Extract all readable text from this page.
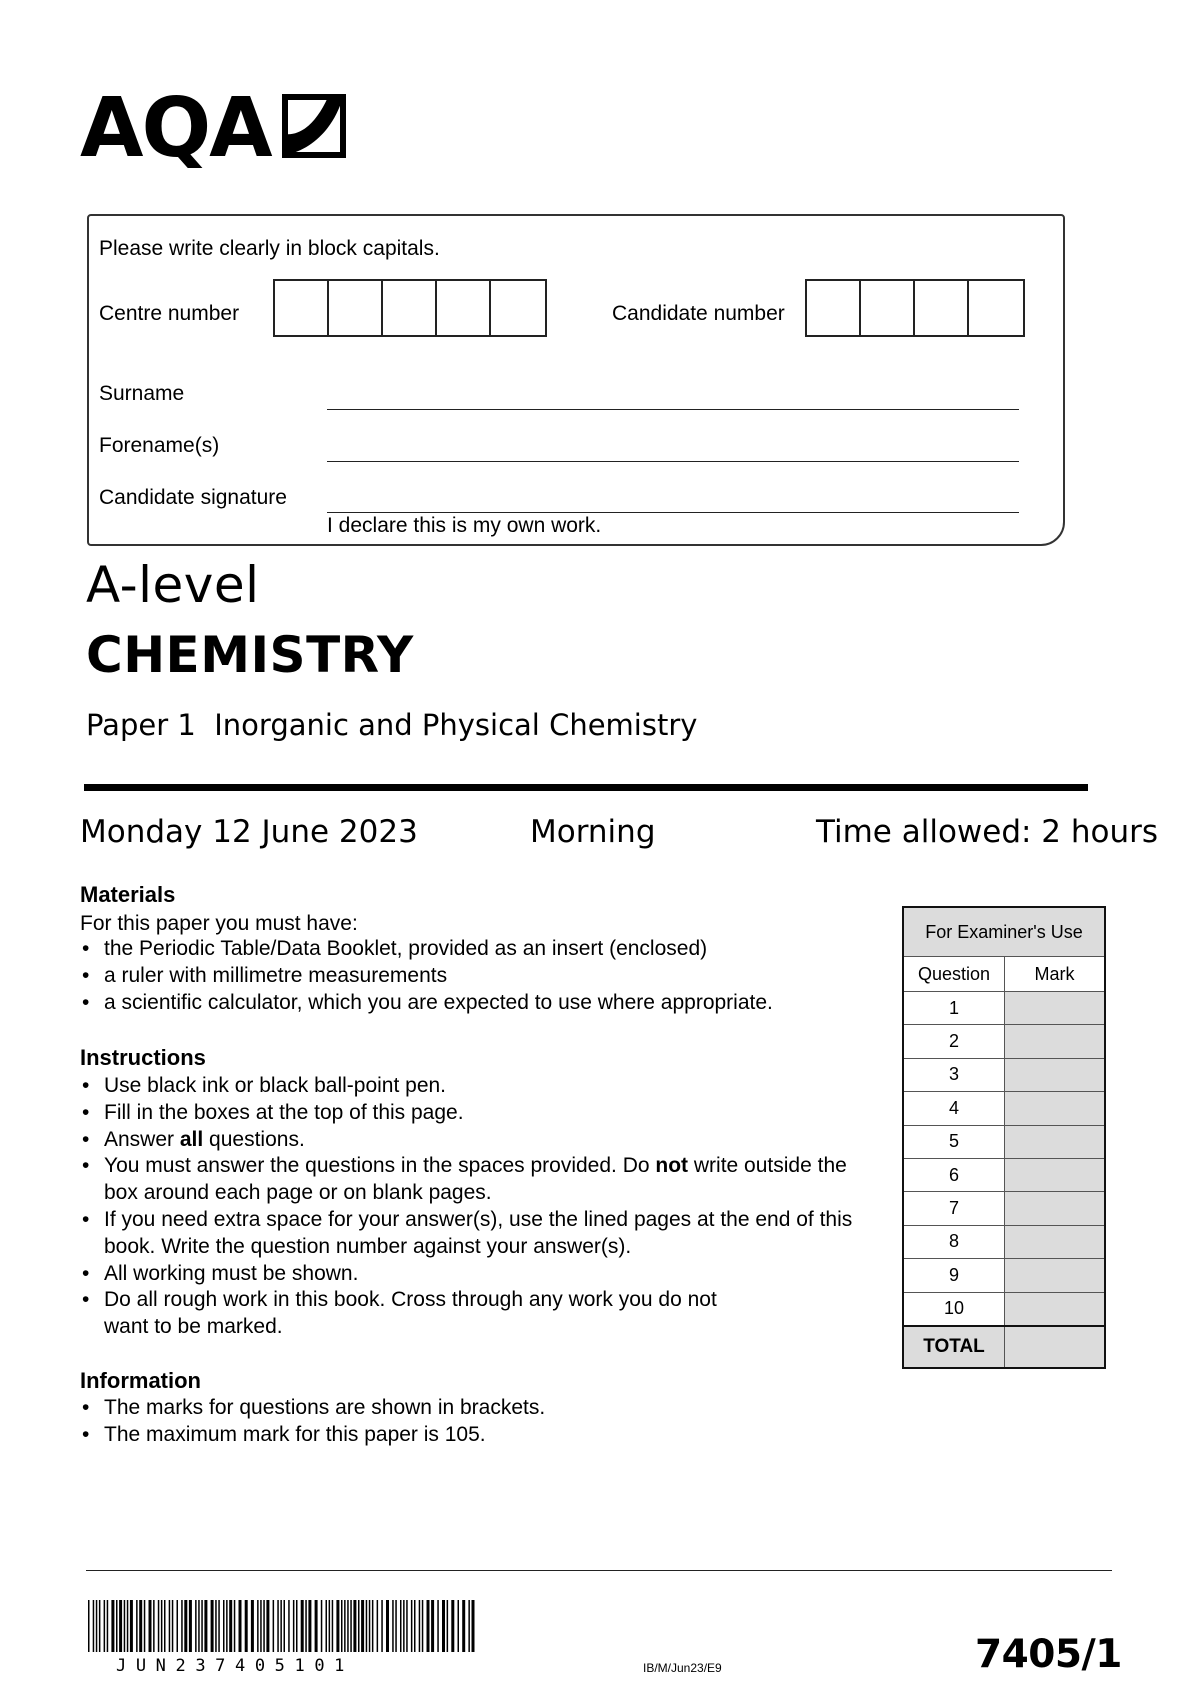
AQA
Please write clearly in block capitals.
Centre number	Candidate number
Surname
Forename(s)
Candidate signature
I declare this is my own work.
A-level
CHEMISTRY
Paper 1 Inorganic and Physical Chemistry
Monday 12 June 2023	Morning	Time allowed: 2 hours
Materials
For this paper you must have:
• the Periodic Table/Data Booklet, provided as an insert (enclosed)
• a ruler with millimetre measurements
• a scientific calculator, which you are expected to use where appropriate.
Instructions
• Use black ink or black ball-point pen.
• Fill in the boxes at the top of this page.
• Answer all questions.
• You must answer the questions in the spaces provided. Do not write outside the box around each page or on blank pages.
• If you need extra space for your answer(s), use the lined pages at the end of this book. Write the question number against your answer(s).
• All working must be shown.
• Do all rough work in this book. Cross through any work you do not want to be marked.
Information
• The marks for questions are shown in brackets.
• The maximum mark for this paper is 105.
For Examiner's Use	
Question	Mark
1	
2	
3	
4	
5	
6	
7	
8	
9	
10	
TOTAL	
JUN237405101	IB/M/Jun23/E9	7405/1
